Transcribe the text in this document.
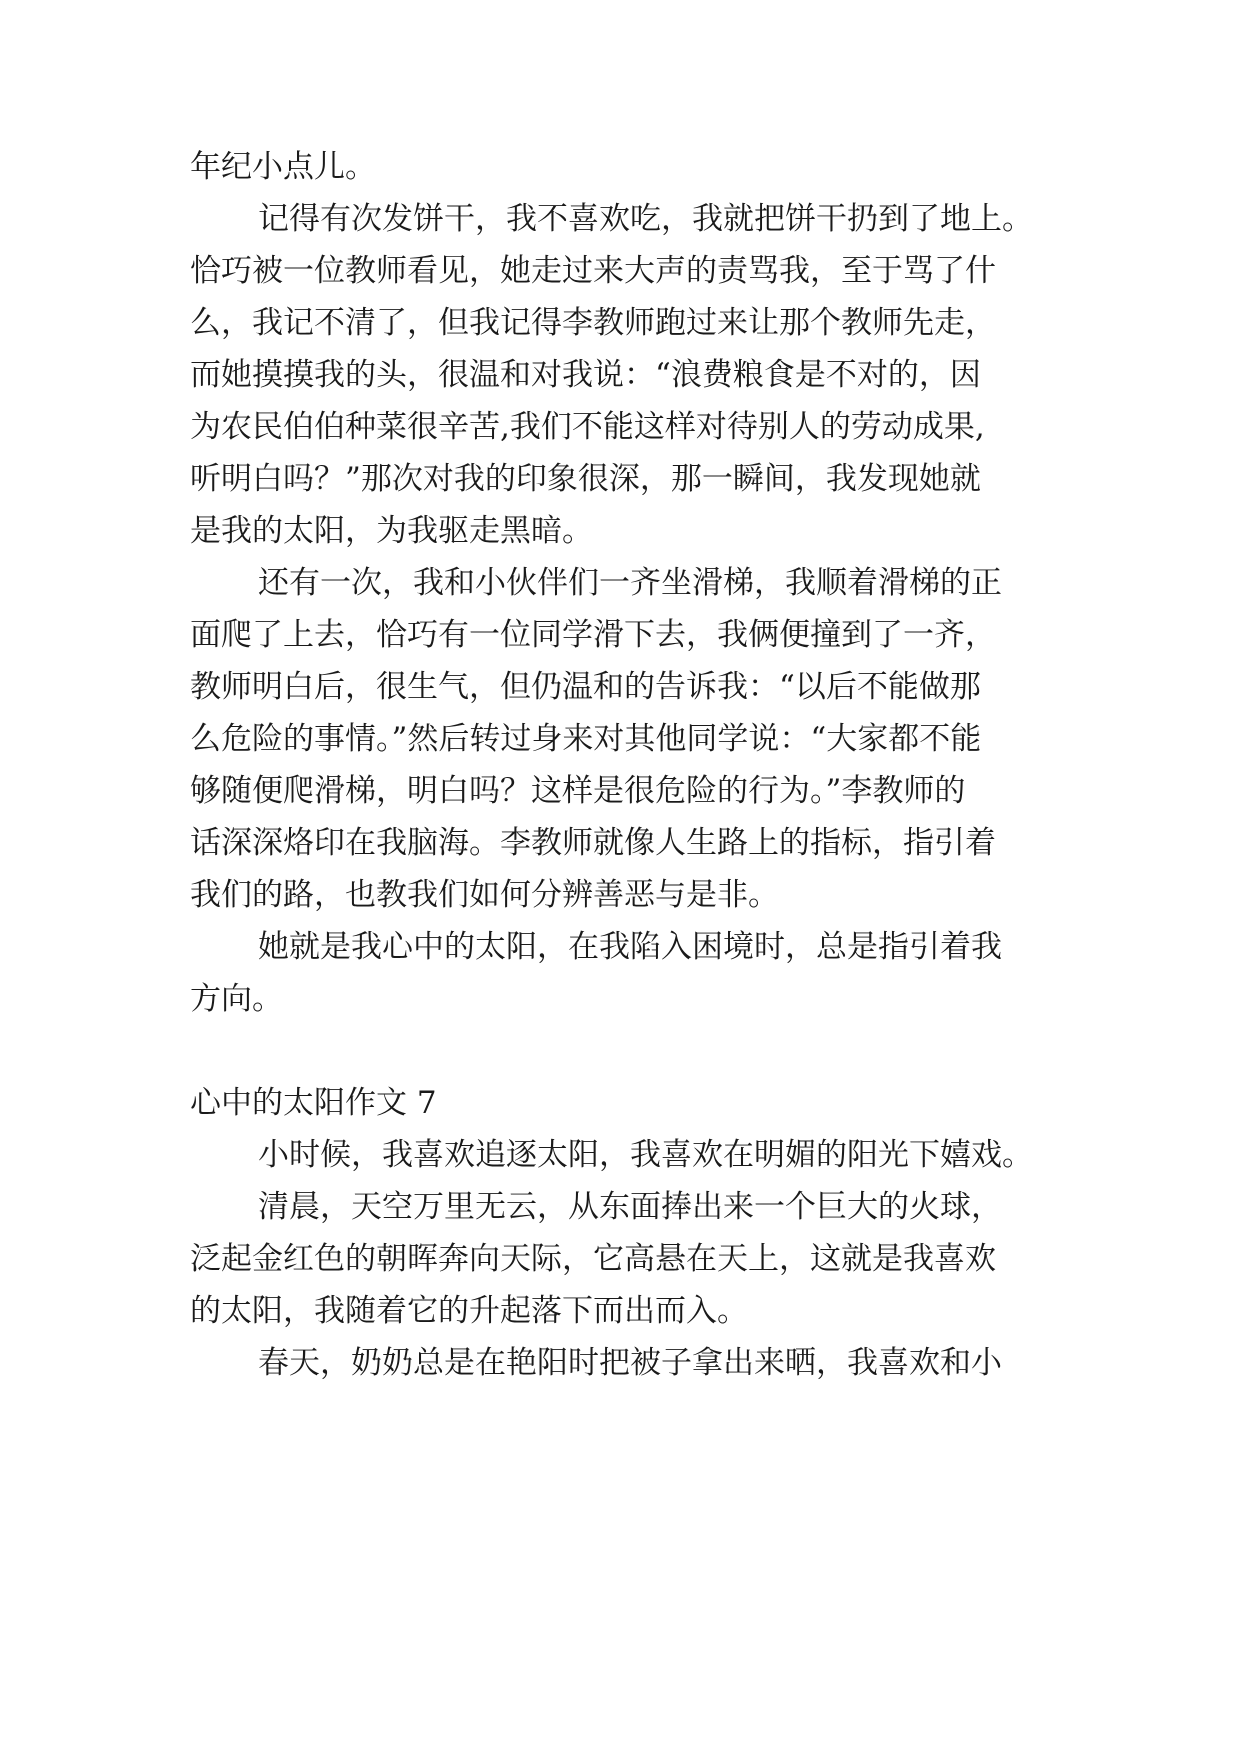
年纪小点儿。
记得有次发饼干，我不喜欢吃，我就把饼干扔到了地上。
恰巧被一位教师看见，她走过来大声的责骂我，至于骂了什
么，我记不清了，但我记得李教师跑过来让那个教师先走，
而她摸摸我的头，很温和对我说：“浪费粮食是不对的，因
为农民伯伯种菜很辛苦,我们不能这样对待别人的劳动成果,
听明白吗？”那次对我的印象很深，那一瞬间，我发现她就
是我的太阳，为我驱走黑暗。
还有一次，我和小伙伴们一齐坐滑梯，我顺着滑梯的正
面爬了上去，恰巧有一位同学滑下去，我俩便撞到了一齐，
教师明白后，很生气，但仍温和的告诉我：“以后不能做那
么危险的事情。”然后转过身来对其他同学说：“大家都不能
够随便爬滑梯，明白吗？这样是很危险的行为。”李教师的
话深深烙印在我脑海。李教师就像人生路上的指标，指引着
我们的路，也教我们如何分辨善恶与是非。
她就是我心中的太阳，在我陷入困境时，总是指引着我
方向。
心中的太阳作文 7
小时候，我喜欢追逐太阳，我喜欢在明媚的阳光下嬉戏。
清晨，天空万里无云，从东面捧出来一个巨大的火球，
泛起金红色的朝晖奔向天际，它高悬在天上，这就是我喜欢
的太阳，我随着它的升起落下而出而入。
春天，奶奶总是在艳阳时把被子拿出来晒，我喜欢和小
